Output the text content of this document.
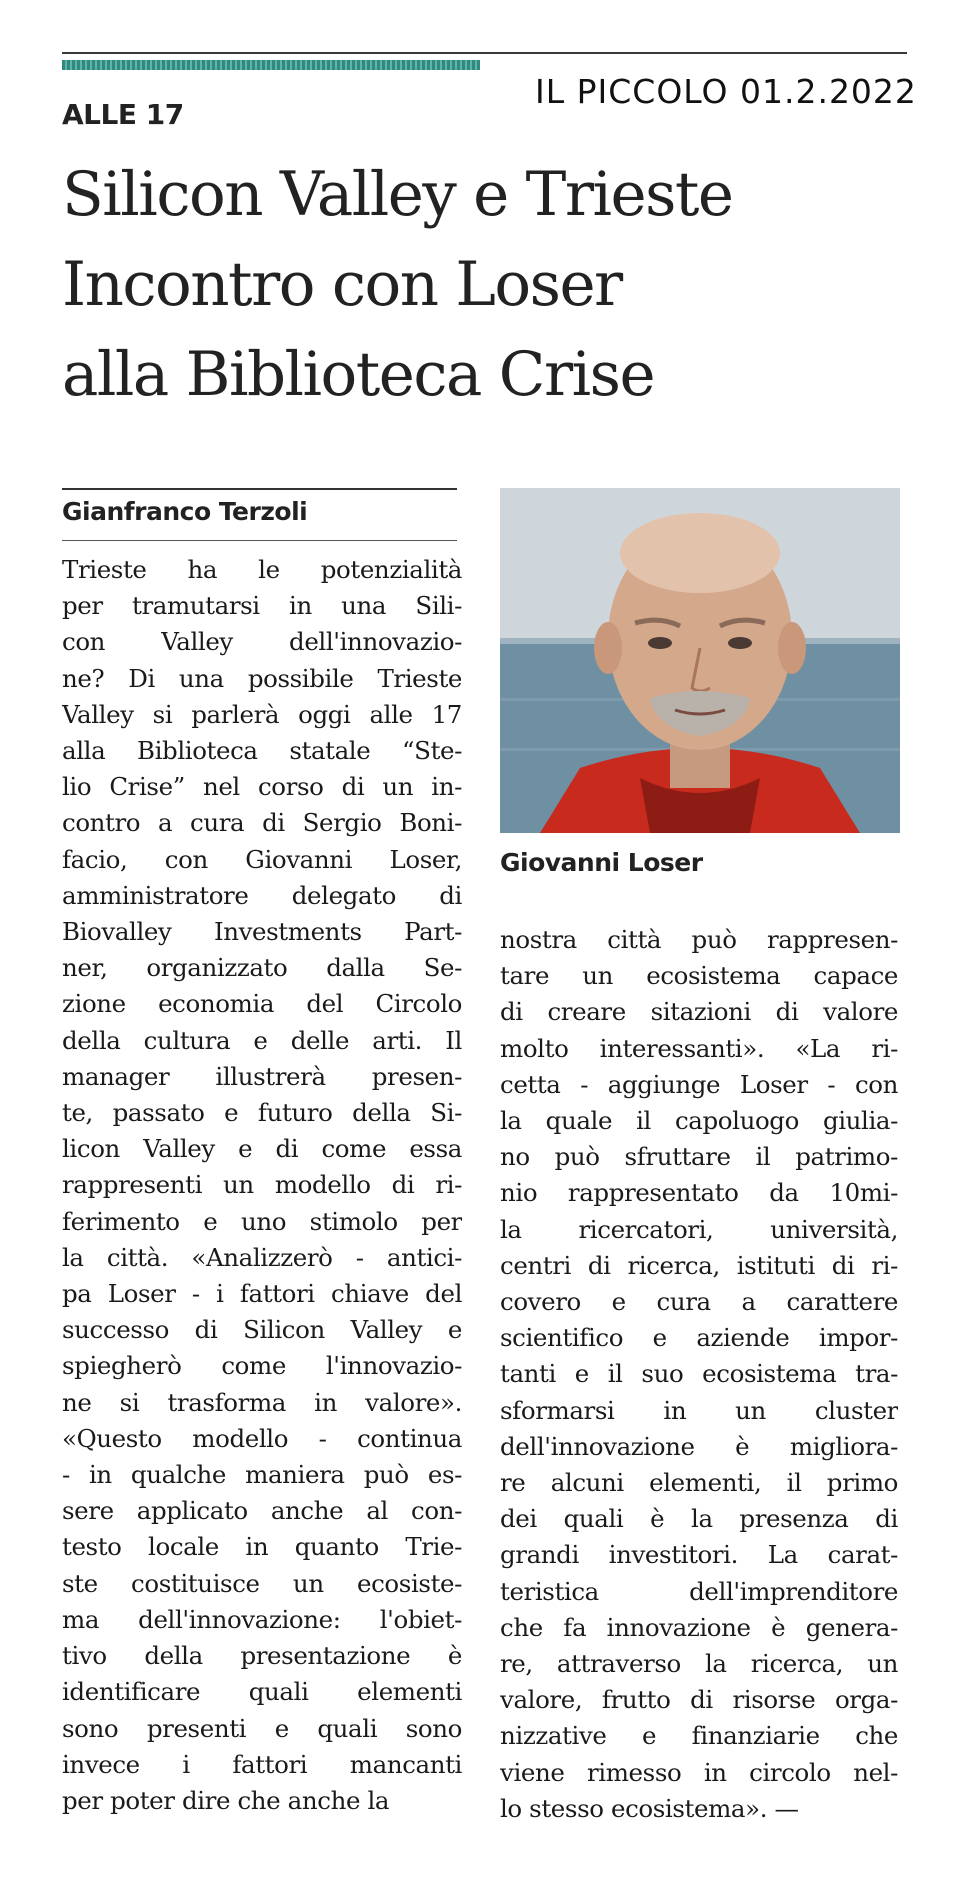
IL PICCOLO 01.2.2022
ALLE 17
Silicon Valley e Trieste
Incontro con Loser
alla Biblioteca Crise
Gianfranco Terzoli
Trieste ha le potenzialità
per tramutarsi in una Sili-
con Valley dell'innovazio-
ne? Di una possibile Trieste
Valley si parlerà oggi alle 17
alla Biblioteca statale “Ste-
lio Crise” nel corso di un in-
contro a cura di Sergio Boni-
facio, con Giovanni Loser,
amministratore delegato di
Biovalley Investments Part-
ner, organizzato dalla Se-
zione economia del Circolo
della cultura e delle arti. Il
manager illustrerà presen-
te, passato e futuro della Si-
licon Valley e di come essa
rappresenti un modello di ri-
ferimento e uno stimolo per
la città. «Analizzerò - antici-
pa Loser - i fattori chiave del
successo di Silicon Valley e
spiegherò come l'innovazio-
ne si trasforma in valore».
«Questo modello - continua
- in qualche maniera può es-
sere applicato anche al con-
testo locale in quanto Trie-
ste costituisce un ecosiste-
ma dell'innovazione: l'obiet-
tivo della presentazione è
identificare quali elementi
sono presenti e quali sono
invece i fattori mancanti
per poter dire che anche la
Giovanni Loser
nostra città può rappresen-
tare un ecosistema capace
di creare sitazioni di valore
molto interessanti». «La ri-
cetta - aggiunge Loser - con
la quale il capoluogo giulia-
no può sfruttare il patrimo-
nio rappresentato da 10mi-
la ricercatori, università,
centri di ricerca, istituti di ri-
covero e cura a carattere
scientifico e aziende impor-
tanti e il suo ecosistema tra-
sformarsi in un cluster
dell'innovazione è migliora-
re alcuni elementi, il primo
dei quali è la presenza di
grandi investitori. La carat-
teristica dell'imprenditore
che fa innovazione è genera-
re, attraverso la ricerca, un
valore, frutto di risorse orga-
nizzative e finanziarie che
viene rimesso in circolo nel-
lo stesso ecosistema». —
